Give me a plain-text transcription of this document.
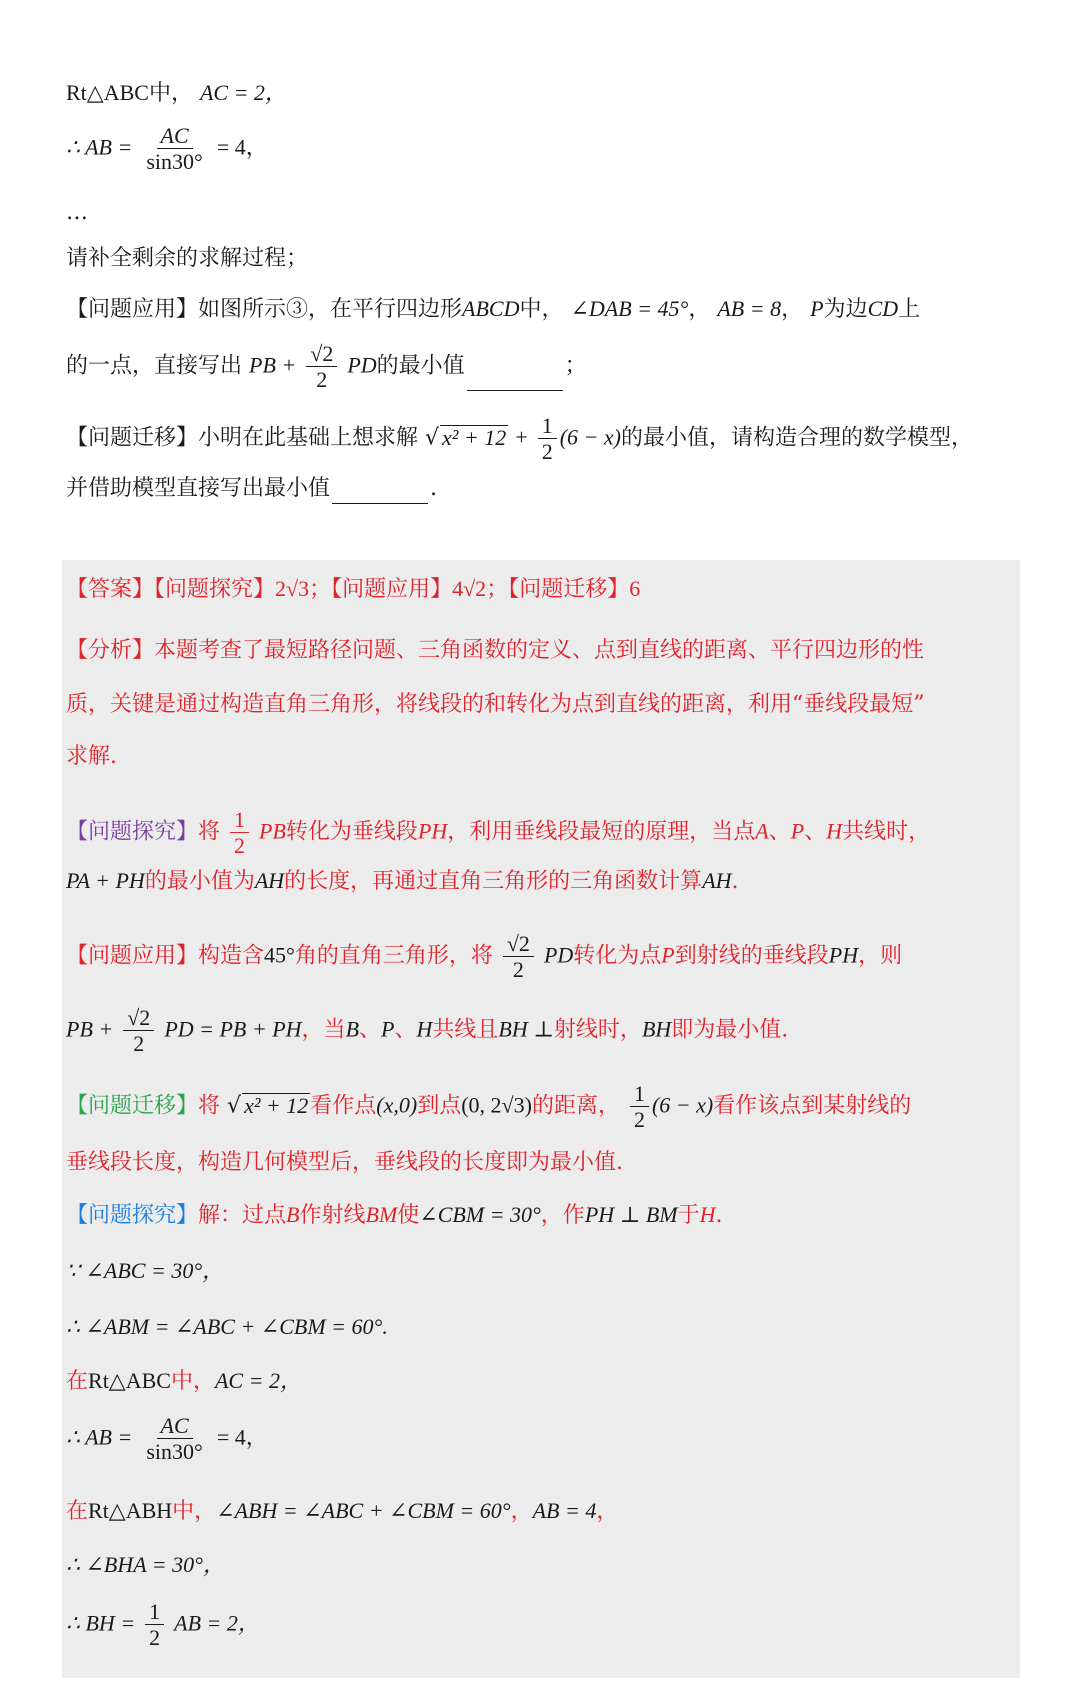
Rt△ABC中， AC = 2，
∴ AB = $\frac{AC}{\sin 30^\circ} = 4$，
…
请补全剩余的求解过程；
【问题应用】如图所示③，在平行四边形ABCD中， ∠DAB = 45°， AB = 8， P为边CD上
的一点，直接写出 PB + $\frac{√2}{2}$ PD的最小值	；
【问题迁移】小明在此基础上想求解 √ $x^2 + 12 + \frac{1}{2} (6 - x)$的最小值，请构造合理的数学模型，
并借助模型直接写出最小值	.
【答案】【问题探究】2√3；【问题应用】4√2；【问题迁移】6
【分析】本题考查了最短路径问题、三角函数的定义、点到直线的距离、平行四边形的性
质，关键是通过构造直角三角形，将线段的和转化为点到直线的距离，利用“垂线段最短”
求解.
【问题探究】将 $\frac{1}{2}$ PB转化为垂线段PH，利用垂线段最短的原理，当点A、P、H共线时，
PA + PH的最小值为AH的长度，再通过直角三角形的三角函数计算AH.
【问题应用】构造含45°角的直角三角形，将 $\frac{√2}{2}$ PD转化为点P到射线的垂线段PH，则
PB + $\frac{√2}{2}$ PD = PB + PH，当B、P、H共线且BH ⊥射线时，BH即为最小值.
【问题迁移】将 √ x² + 12看作点(x,0)到点(0, 2√3)的距离， $\frac{1}{2} (6 - x)$看作该点到某射线的
垂线段长度，构造几何模型后，垂线段的长度即为最小值.
【问题探究】解：过点B作射线BM使∠CBM = 30°，作PH ⊥ BM于H.
∵ ∠ABC = 30°，
∴ ∠ABM = ∠ABC + ∠CBM = 60°.
在Rt△ABC中，AC = 2，
∴ AB = $\frac{AC}{\sin 30^\circ} = 4$，
在Rt△ABH中，∠ABH = ∠ABC + ∠CBM = 60°，AB = 4，
∴ ∠BHA = 30°，
∴ BH = $\frac{1}{2}$ AB = 2，
